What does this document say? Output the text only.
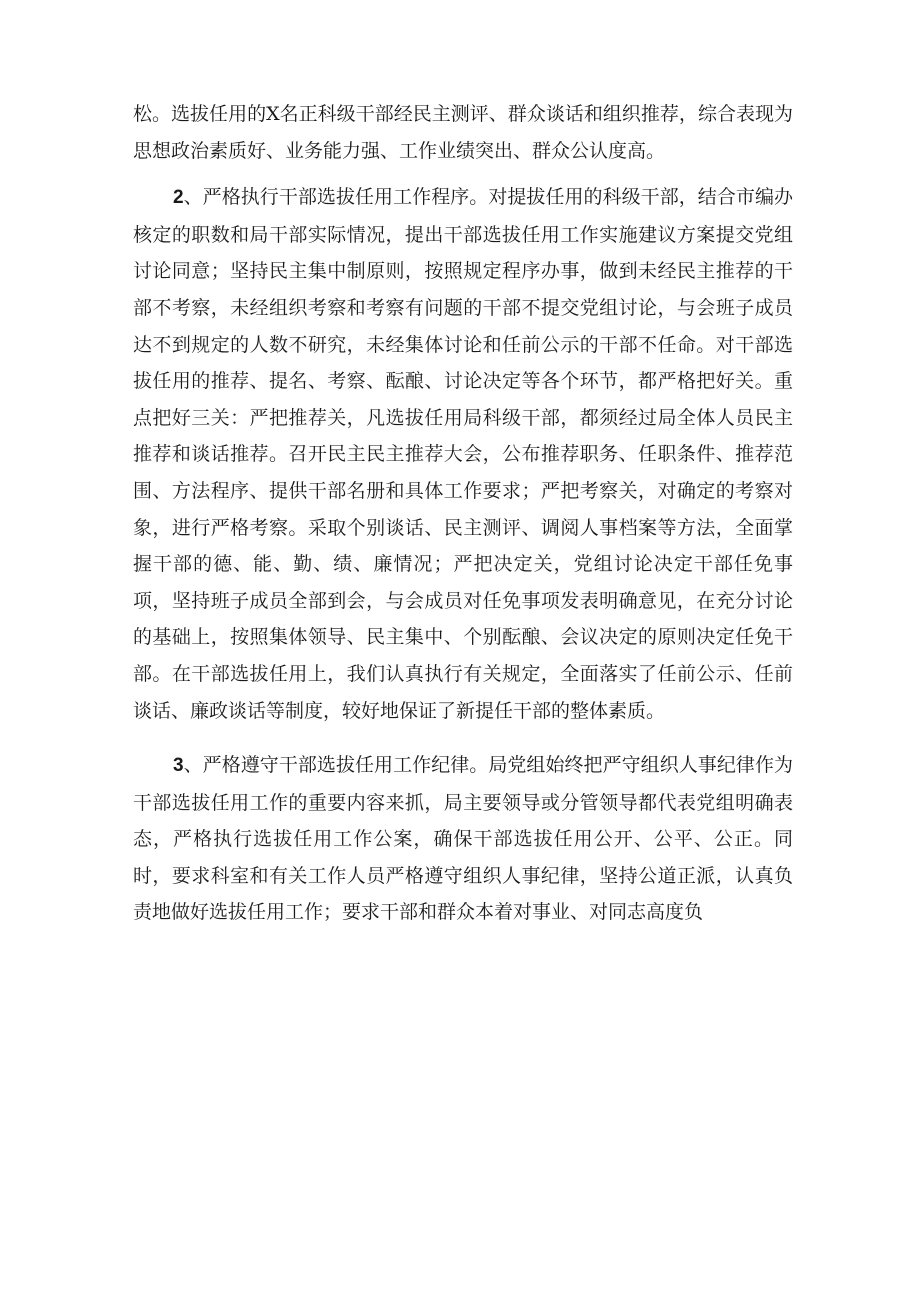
松。选拔任用的X名正科级干部经民主测评、群众谈话和组织推荐，综合表现为思想政治素质好、业务能力强、工作业绩突出、群众公认度高。

2、严格执行干部选拔任用工作程序。对提拔任用的科级干部，结合市编办核定的职数和局干部实际情况，提出干部选拔任用工作实施建议方案提交党组讨论同意；坚持民主集中制原则，按照规定程序办事，做到未经民主推荐的干部不考察，未经组织考察和考察有问题的干部不提交党组讨论，与会班子成员达不到规定的人数不研究，未经集体讨论和任前公示的干部不任命。对干部选拔任用的推荐、提名、考察、酝酿、讨论决定等各个环节，都严格把好关。重点把好三关：严把推荐关，凡选拔任用局科级干部，都须经过局全体人员民主推荐和谈话推荐。召开民主民主推荐大会，公布推荐职务、任职条件、推荐范围、方法程序、提供干部名册和具体工作要求；严把考察关，对确定的考察对象，进行严格考察。采取个别谈话、民主测评、调阅人事档案等方法，全面掌握干部的德、能、勤、绩、廉情况；严把决定关，党组讨论决定干部任免事项，坚持班子成员全部到会，与会成员对任免事项发表明确意见，在充分讨论的基础上，按照集体领导、民主集中、个别酝酿、会议决定的原则决定任免干部。在干部选拔任用上，我们认真执行有关规定，全面落实了任前公示、任前谈话、廉政谈话等制度，较好地保证了新提任干部的整体素质。

3、严格遵守干部选拔任用工作纪律。局党组始终把严守组织人事纪律作为干部选拔任用工作的重要内容来抓，局主要领导或分管领导都代表党组明确表态，严格执行选拔任用工作公案，确保干部选拔任用公开、公平、公正。同时，要求科室和有关工作人员严格遵守组织人事纪律，坚持公道正派，认真负责地做好选拔任用工作；要求干部和群众本着对事业、对同志高度负
